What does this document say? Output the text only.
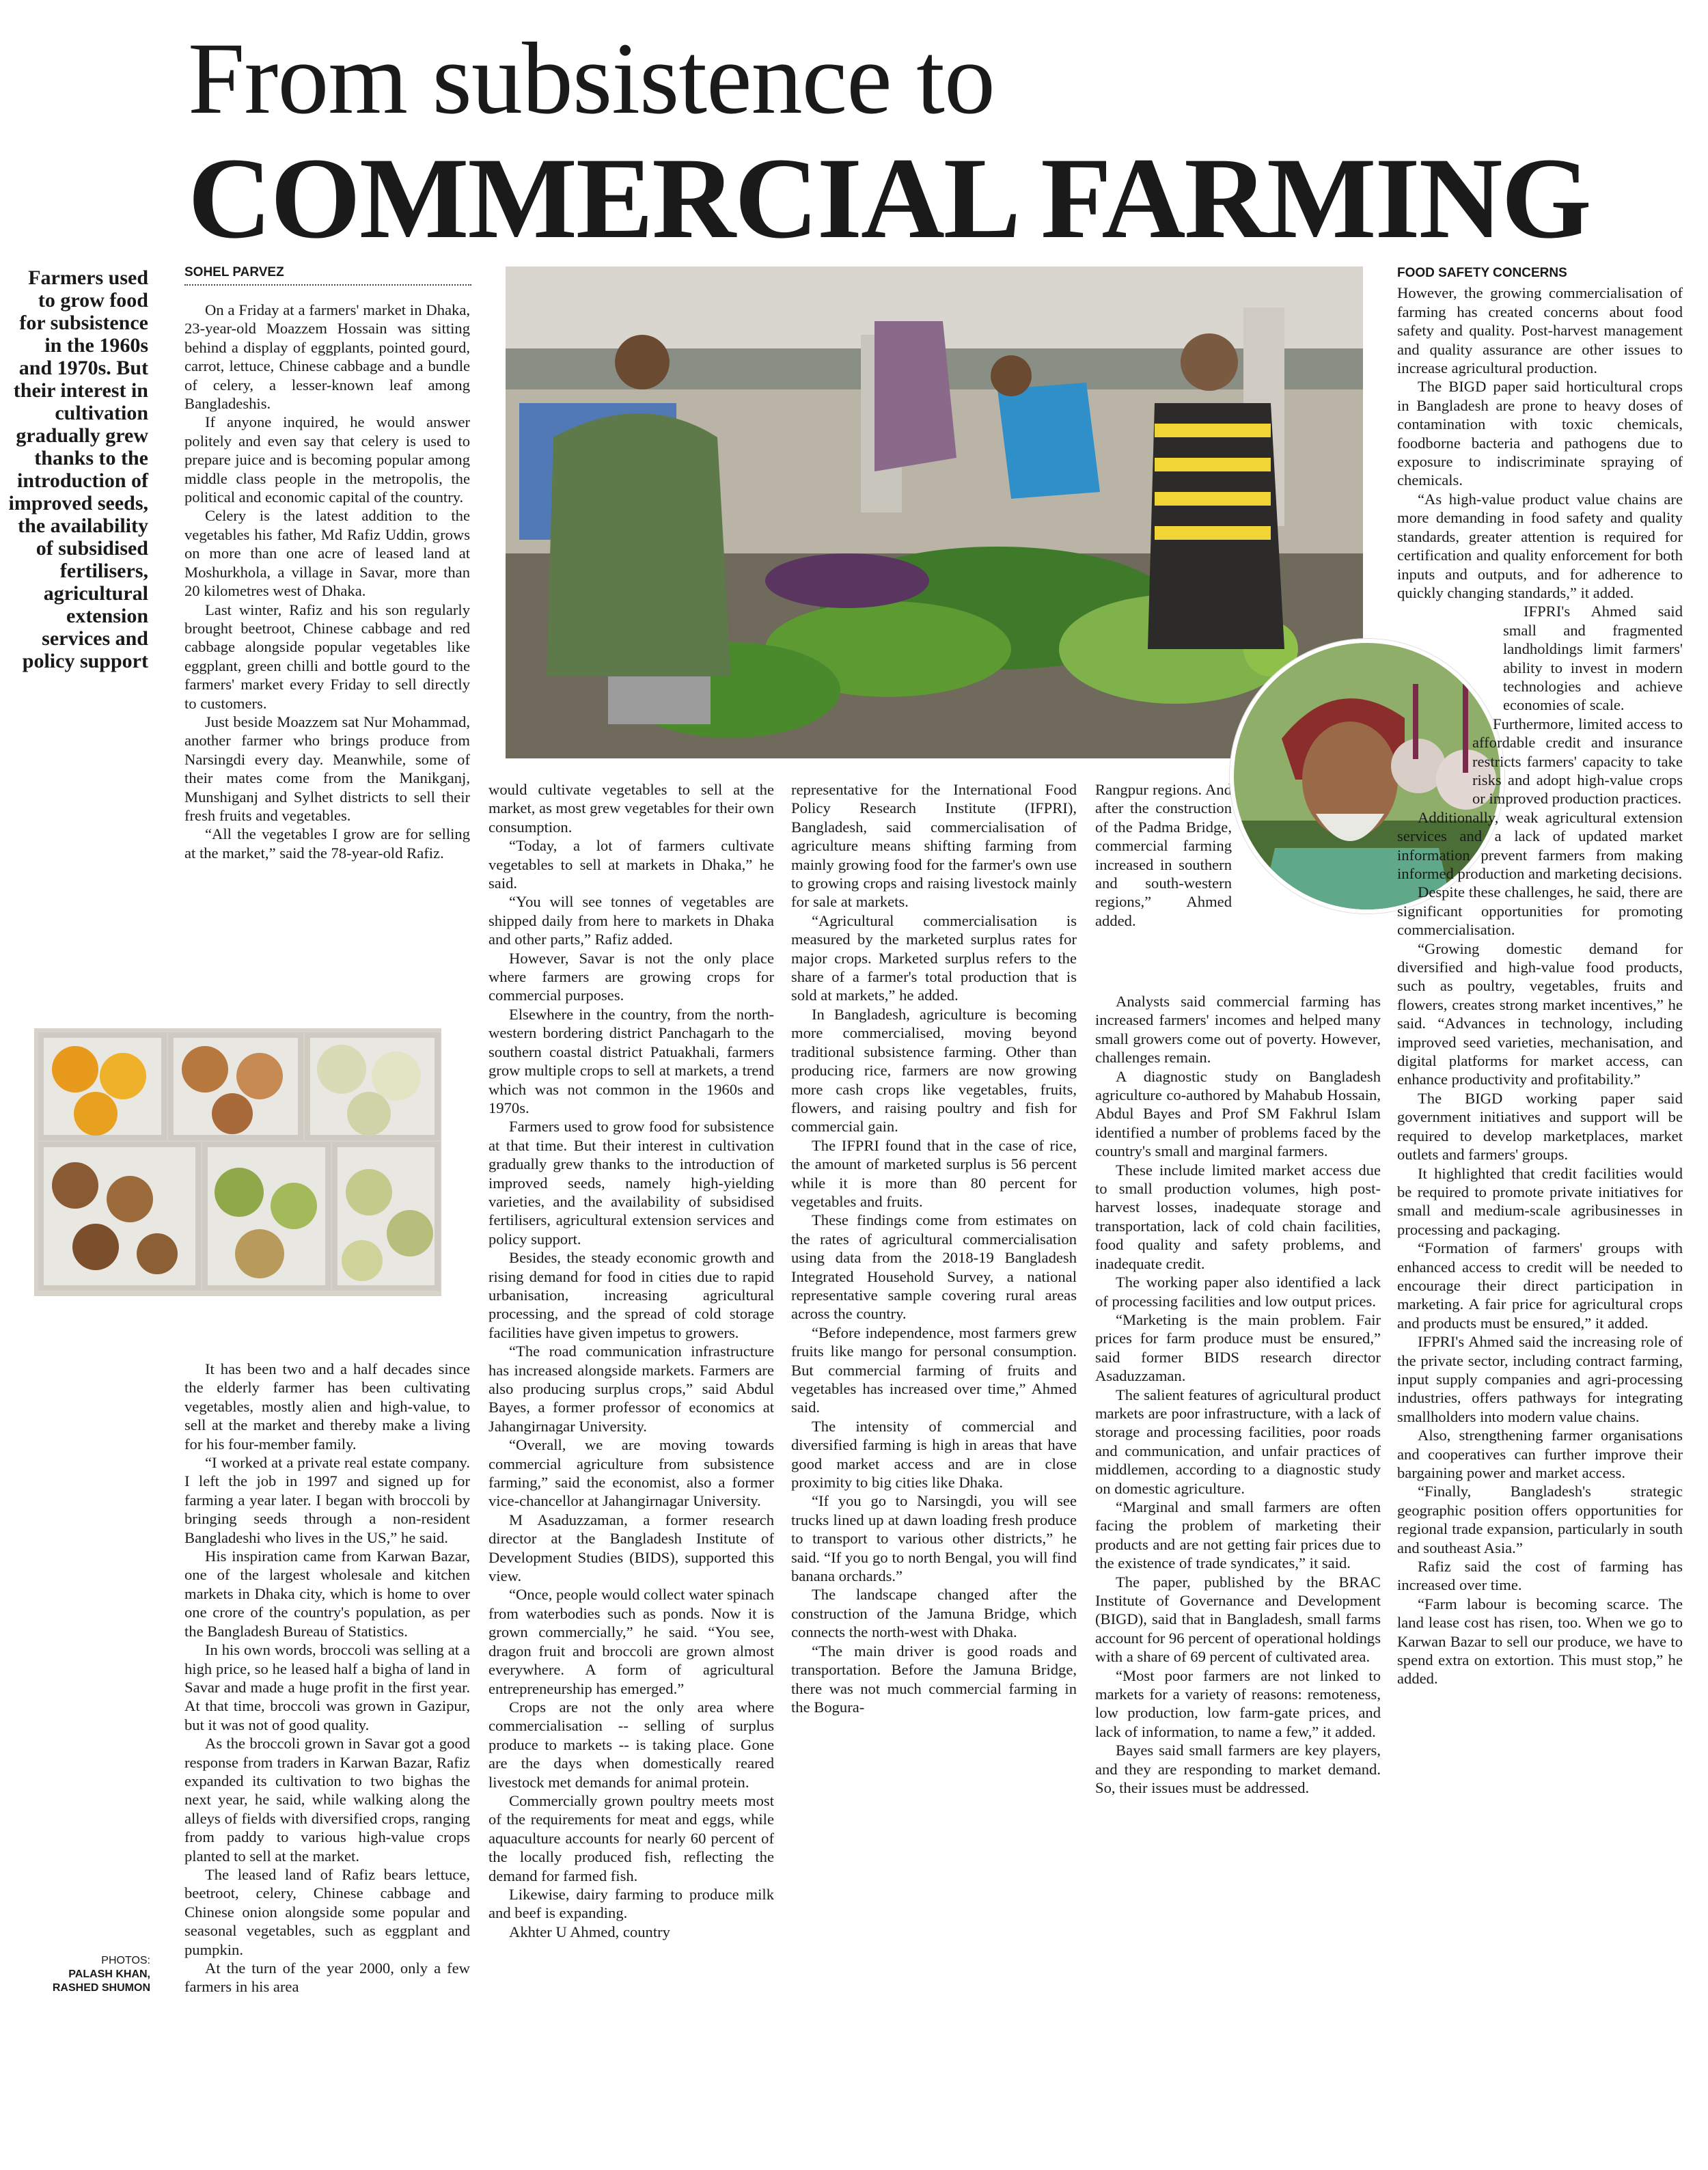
From subsistence to
COMMERCIAL FARMING
Farmers used to grow food for subsistence in the 1960s and 1970s. But their interest in cultivation gradually grew thanks to the introduction of improved seeds, the availability of subsidised fertilisers, agricultural extension services and policy support
SOHEL PARVEZ

On a Friday at a farmers' market in Dhaka, 23-year-old Moazzem Hossain was sitting behind a display of eggplants, pointed gourd, carrot, lettuce, Chinese cabbage and a bundle of celery, a lesser-known leaf among Bangladeshis.

If anyone inquired, he would answer politely and even say that celery is used to prepare juice and is becoming popular among middle class people in the metropolis, the political and economic capital of the country.

Celery is the latest addition to the vegetables his father, Md Rafiz Uddin, grows on more than one acre of leased land at Moshurkhola, a village in Savar, more than 20 kilometres west of Dhaka.

Last winter, Rafiz and his son regularly brought beetroot, Chinese cabbage and red cabbage alongside popular vegetables like eggplant, green chilli and bottle gourd to the farmers' market every Friday to sell directly to customers.

Just beside Moazzem sat Nur Mohammad, another farmer who brings produce from Narsingdi every day. Meanwhile, some of their mates come from the Manikganj, Munshiganj and Sylhet districts to sell their fresh fruits and vegetables.

“All the vegetables I grow are for selling at the market,” said the 78-year-old Rafiz.

It has been two and a half decades since the elderly farmer has been cultivating vegetables, mostly alien and high-value, to sell at the market and thereby make a living for his four-member family.

“I worked at a private real estate company. I left the job in 1997 and signed up for farming a year later. I began with broccoli by bringing seeds through a non-resident Bangladeshi who lives in the US,” he said.

His inspiration came from Karwan Bazar, one of the largest wholesale and kitchen markets in Dhaka city, which is home to over one crore of the country's population, as per the Bangladesh Bureau of Statistics.

In his own words, broccoli was selling at a high price, so he leased half a bigha of land in Savar and made a huge profit in the first year. At that time, broccoli was grown in Gazipur, but it was not of good quality.

As the broccoli grown in Savar got a good response from traders in Karwan Bazar, Rafiz expanded its cultivation to two bighas the next year, he said, while walking along the alleys of fields with diversified crops, ranging from paddy to various high-value crops planted to sell at the market.

The leased land of Rafiz bears lettuce, beetroot, celery, Chinese cabbage and Chinese onion alongside some popular and seasonal vegetables, such as eggplant and pumpkin.

At the turn of the year 2000, only a few farmers in his area

PHOTOS:
PALASH KHAN,
RASHED SHUMON

would cultivate vegetables to sell at the market, as most grew vegetables for their own consumption.

“Today, a lot of farmers cultivate vegetables to sell at markets in Dhaka,” he said.

“You will see tonnes of vegetables are shipped daily from here to markets in Dhaka and other parts,” Rafiz added.

However, Savar is not the only place where farmers are growing crops for commercial purposes.

Elsewhere in the country, from the north-western bordering district Panchagarh to the southern coastal district Patuakhali, farmers grow multiple crops to sell at markets, a trend which was not common in the 1960s and 1970s.

Farmers used to grow food for subsistence at that time. But their interest in cultivation gradually grew thanks to the introduction of improved seeds, namely high-yielding varieties, and the availability of subsidised fertilisers, agricultural extension services and policy support.

Besides, the steady economic growth and rising demand for food in cities due to rapid urbanisation, increasing agricultural processing, and the spread of cold storage facilities have given impetus to growers.

“The road communication infrastructure has increased alongside markets. Farmers are also producing surplus crops,” said Abdul Bayes, a former professor of economics at Jahangirnagar University.

“Overall, we are moving towards commercial agriculture from subsistence farming,” said the economist, also a former vice-chancellor at Jahangirnagar University.

M Asaduzzaman, a former research director at the Bangladesh Institute of Development Studies (BIDS), supported this view.

“Once, people would collect water spinach from waterbodies such as ponds. Now it is grown commercially,” he said. “You see, dragon fruit and broccoli are grown almost everywhere. A form of agricultural entrepreneurship has emerged.”

Crops are not the only area where commercialisation -- selling of surplus produce to markets -- is taking place. Gone are the days when domestically reared livestock met demands for animal protein.

Commercially grown poultry meets most of the requirements for meat and eggs, while aquaculture accounts for nearly 60 percent of the locally produced fish, reflecting the demand for farmed fish.

Likewise, dairy farming to produce milk and beef is expanding.

Akhter U Ahmed, country

representative for the International Food Policy Research Institute (IFPRI), Bangladesh, said commercialisation of agriculture means shifting farming from mainly growing food for the farmer's own use to growing crops and raising livestock mainly for sale at markets.

“Agricultural commercialisation is measured by the marketed surplus rates for major crops. Marketed surplus refers to the share of a farmer's total production that is sold at markets,” he added.

In Bangladesh, agriculture is becoming more commercialised, moving beyond traditional subsistence farming. Other than producing rice, farmers are now growing more cash crops like vegetables, fruits, flowers, and raising poultry and fish for commercial gain.

The IFPRI found that in the case of rice, the amount of marketed surplus is 56 percent while it is more than 80 percent for vegetables and fruits.

These findings come from estimates on the rates of agricultural commercialisation using data from the 2018-19 Bangladesh Integrated Household Survey, a national representative sample covering rural areas across the country.

“Before independence, most farmers grew fruits like mango for personal consumption. But commercial farming of fruits and vegetables has increased over time,” Ahmed said.

The intensity of commercial and diversified farming is high in areas that have good market access and are in close proximity to big cities like Dhaka.

“If you go to Narsingdi, you will see trucks lined up at dawn loading fresh produce to transport to various other districts,” he said. “If you go to north Bengal, you will find banana orchards.”

The landscape changed after the construction of the Jamuna Bridge, which connects the north-west with Dhaka.

“The main driver is good roads and transportation. Before the Jamuna Bridge, there was not much commercial farming in the Bogura-

Rangpur regions. And after the construction of the Padma Bridge, commercial farming increased in southern and south-western regions,” Ahmed added.

Analysts said commercial farming has increased farmers' incomes and helped many small growers come out of poverty. However, challenges remain.

A diagnostic study on Bangladesh agriculture co-authored by Mahabub Hossain, Abdul Bayes and Prof SM Fakhrul Islam identified a number of problems faced by the country's small and marginal farmers.

These include limited market access due to small production volumes, high post-harvest losses, inadequate storage and transportation, lack of cold chain facilities, food quality and safety problems, and inadequate credit.

The working paper also identified a lack of processing facilities and low output prices.

“Marketing is the main problem. Fair prices for farm produce must be ensured,” said former BIDS research director Asaduzzaman.

The salient features of agricultural product markets are poor infrastructure, with a lack of storage and processing facilities, poor roads and communication, and unfair practices of middlemen, according to a diagnostic study on domestic agriculture.

“Marginal and small farmers are often facing the problem of marketing their products and are not getting fair prices due to the existence of trade syndicates,” it said.

The paper, published by the BRAC Institute of Governance and Development (BIGD), said that in Bangladesh, small farms account for 96 percent of operational holdings with a share of 69 percent of cultivated area.

“Most poor farmers are not linked to markets for a variety of reasons: remoteness, low production, low farm-gate prices, and lack of information, to name a few,” it added.

Bayes said small farmers are key players, and they are responding to market demand. So, their issues must be addressed.

FOOD SAFETY CONCERNS

However, the growing commercialisation of farming has created concerns about food safety and quality. Post-harvest management and quality assurance are other issues to increase agricultural production.

The BIGD paper said horticultural crops in Bangladesh are prone to heavy doses of contamination with toxic chemicals, foodborne bacteria and pathogens due to exposure to indiscriminate spraying of chemicals.

“As high-value product value chains are more demanding in food safety and quality standards, greater attention is required for certification and quality enforcement for both inputs and outputs, and for adherence to quickly changing standards,” it added.

IFPRI's Ahmed said small and fragmented landholdings limit farmers' ability to invest in modern technologies and achieve economies of scale.

Furthermore, limited access to affordable credit and insurance restricts farmers' capacity to take risks and adopt high-value crops or improved production practices.

Additionally, weak agricultural extension services and a lack of updated market information prevent farmers from making informed production and marketing decisions.

Despite these challenges, he said, there are significant opportunities for promoting commercialisation.

“Growing domestic demand for diversified and high-value food products, such as poultry, vegetables, fruits and flowers, creates strong market incentives,” he said. “Advances in technology, including improved seed varieties, mechanisation, and digital platforms for market access, can enhance productivity and profitability.”

The BIGD working paper said government initiatives and support will be required to develop marketplaces, market outlets and farmers' groups.

It highlighted that credit facilities would be required to promote private initiatives for small and medium-scale agribusinesses in processing and packaging.

“Formation of farmers' groups with enhanced access to credit will be needed to encourage their direct participation in marketing. A fair price for agricultural crops and products must be ensured,” it added.

IFPRI's Ahmed said the increasing role of the private sector, including contract farming, input supply companies and agri-processing industries, offers pathways for integrating smallholders into modern value chains.

Also, strengthening farmer organisations and cooperatives can further improve their bargaining power and market access.

“Finally, Bangladesh's strategic geographic position offers opportunities for regional trade expansion, particularly in south and southeast Asia.”

Rafiz said the cost of farming has increased over time.

“Farm labour is becoming scarce. The land lease cost has risen, too. When we go to Karwan Bazar to sell our produce, we have to spend extra on extortion. This must stop,” he added.
